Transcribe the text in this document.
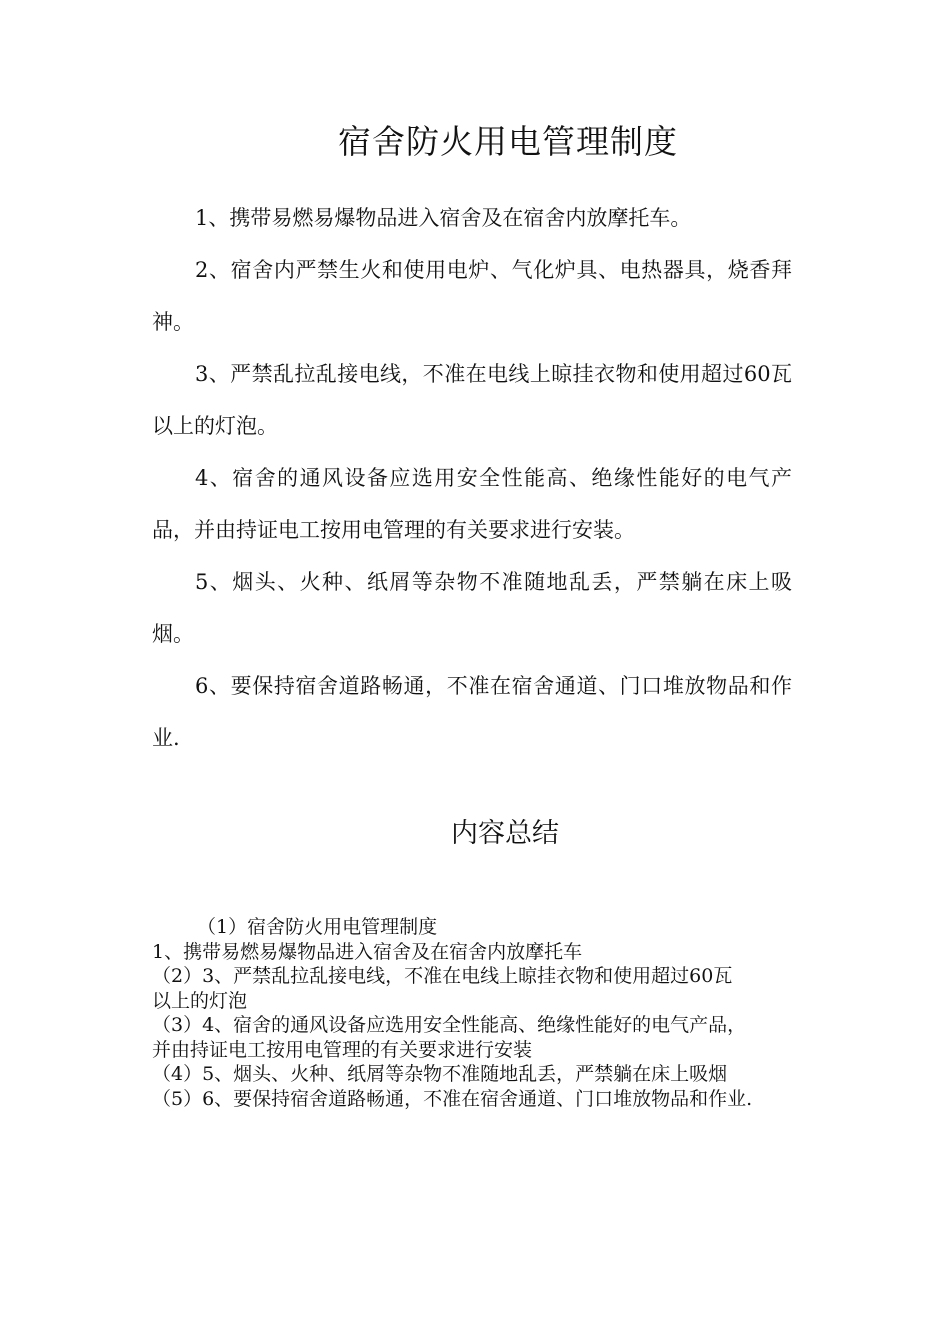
宿舍防火用电管理制度

1、携带易燃易爆物品进入宿舍及在宿舍内放摩托车。

2、宿舍内严禁生火和使用电炉、气化炉具、电热器具，烧香拜神。

3、严禁乱拉乱接电线，不准在电线上晾挂衣物和使用超过60瓦以上的灯泡。

4、宿舍的通风设备应选用安全性能高、绝缘性能好的电气产品，并由持证电工按用电管理的有关要求进行安装。

5、烟头、火种、纸屑等杂物不准随地乱丢，严禁躺在床上吸烟。

6、要保持宿舍道路畅通，不准在宿舍通道、门口堆放物品和作业.

内容总结

（1）宿舍防火用电管理制度

1、携带易燃易爆物品进入宿舍及在宿舍内放摩托车

（2）3、严禁乱拉乱接电线，不准在电线上晾挂衣物和使用超过60瓦

以上的灯泡

（3）4、宿舍的通风设备应选用安全性能高、绝缘性能好的电气产品，

并由持证电工按用电管理的有关要求进行安装

（4）5、烟头、火种、纸屑等杂物不准随地乱丢，严禁躺在床上吸烟

（5）6、要保持宿舍道路畅通，不准在宿舍通道、门口堆放物品和作业.
